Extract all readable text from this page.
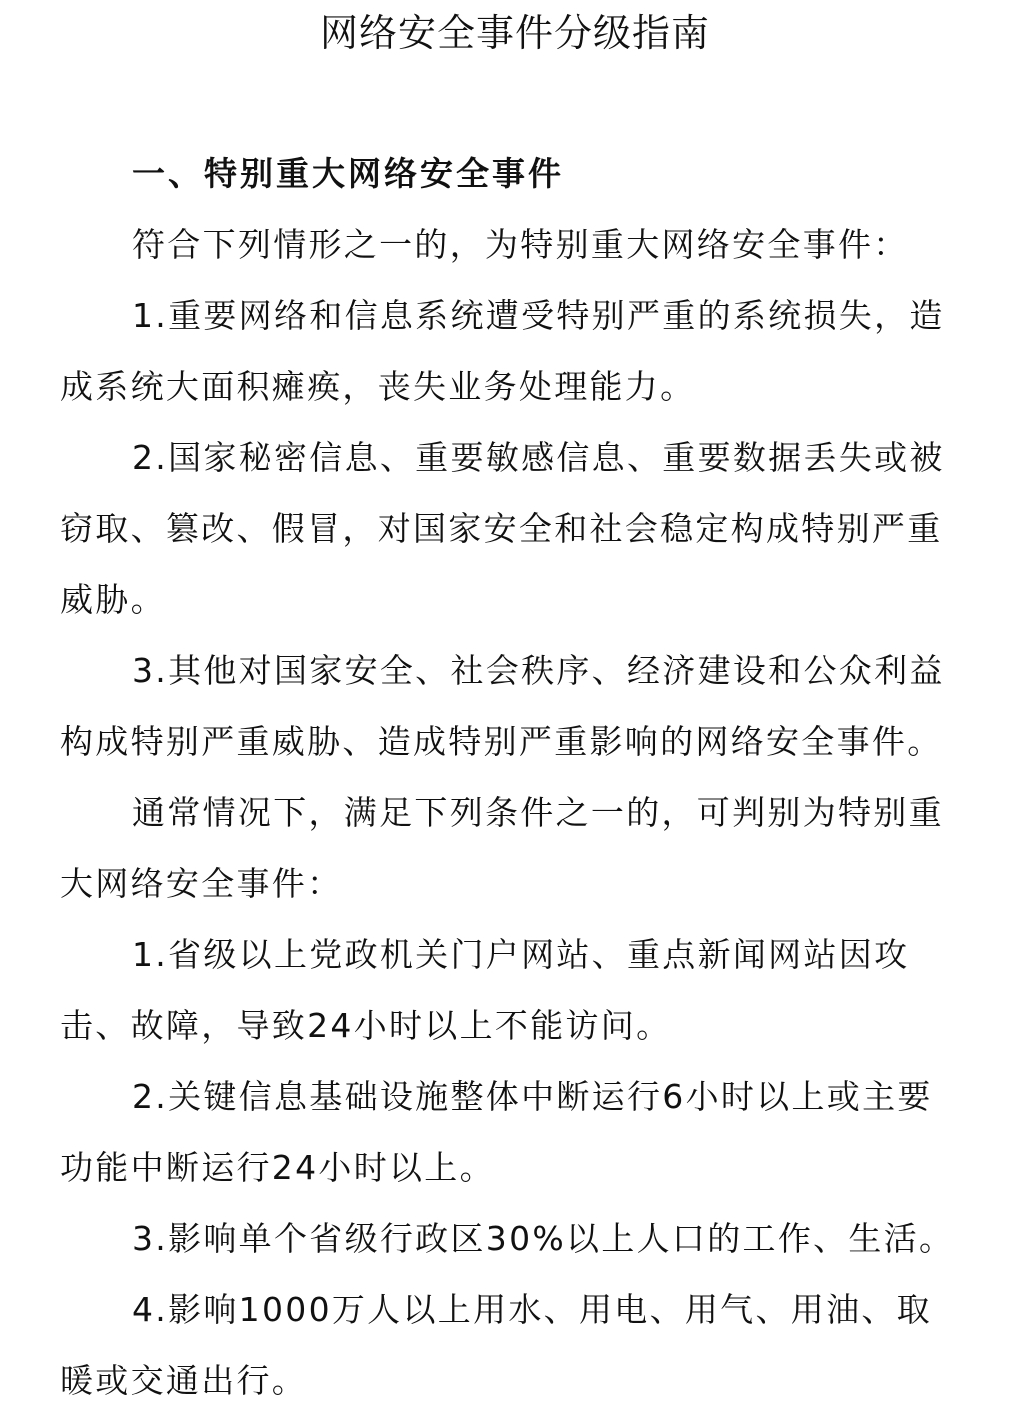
网络安全事件分级指南

一、特别重大网络安全事件

符合下列情形之一的，为特别重大网络安全事件：

1.重要网络和信息系统遭受特别严重的系统损失，造成系统大面积瘫痪，丧失业务处理能力。

2.国家秘密信息、重要敏感信息、重要数据丢失或被窃取、篡改、假冒，对国家安全和社会稳定构成特别严重威胁。

3.其他对国家安全、社会秩序、经济建设和公众利益构成特别严重威胁、造成特别严重影响的网络安全事件。

通常情况下，满足下列条件之一的，可判别为特别重大网络安全事件：

1.省级以上党政机关门户网站、重点新闻网站因攻击、故障，导致24小时以上不能访问。

2.关键信息基础设施整体中断运行6小时以上或主要功能中断运行24小时以上。

3.影响单个省级行政区30%以上人口的工作、生活。

4.影响1000万人以上用水、用电、用气、用油、取暖或交通出行。
